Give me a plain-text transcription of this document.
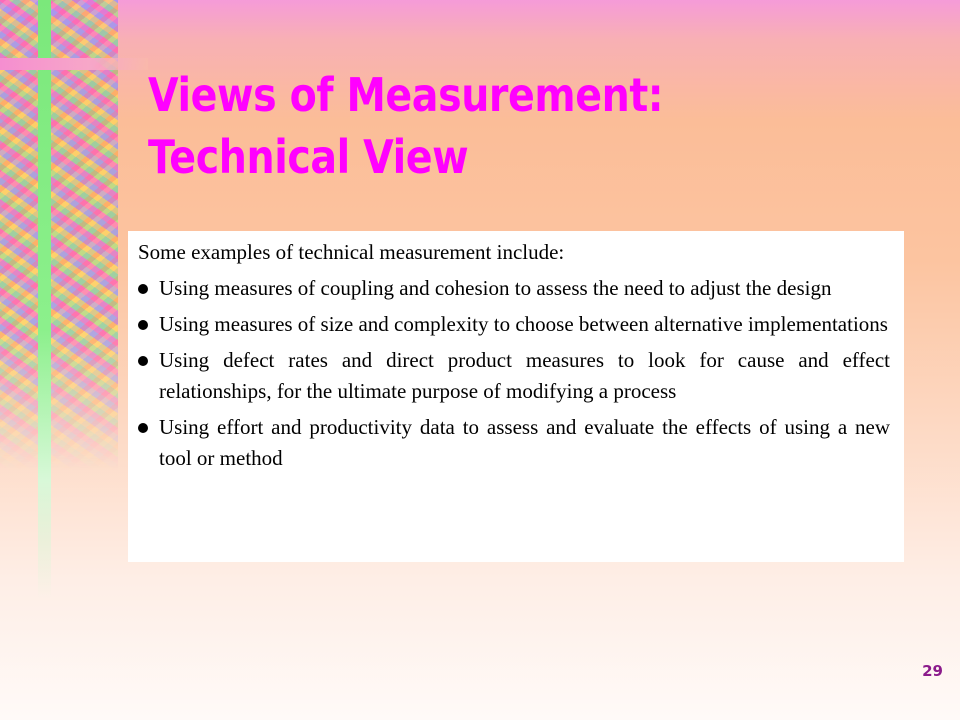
Views of Measurement:
Technical View

Some examples of technical measurement include:

Using measures of coupling and cohesion to assess the need to adjust the design
Using measures of size and complexity to choose between alternative implementations
Using defect rates and direct product measures to look for cause and effect relationships, for the ultimate purpose of modifying a process
Using effort and productivity data to assess and evaluate the effects of using a new tool or method
29
